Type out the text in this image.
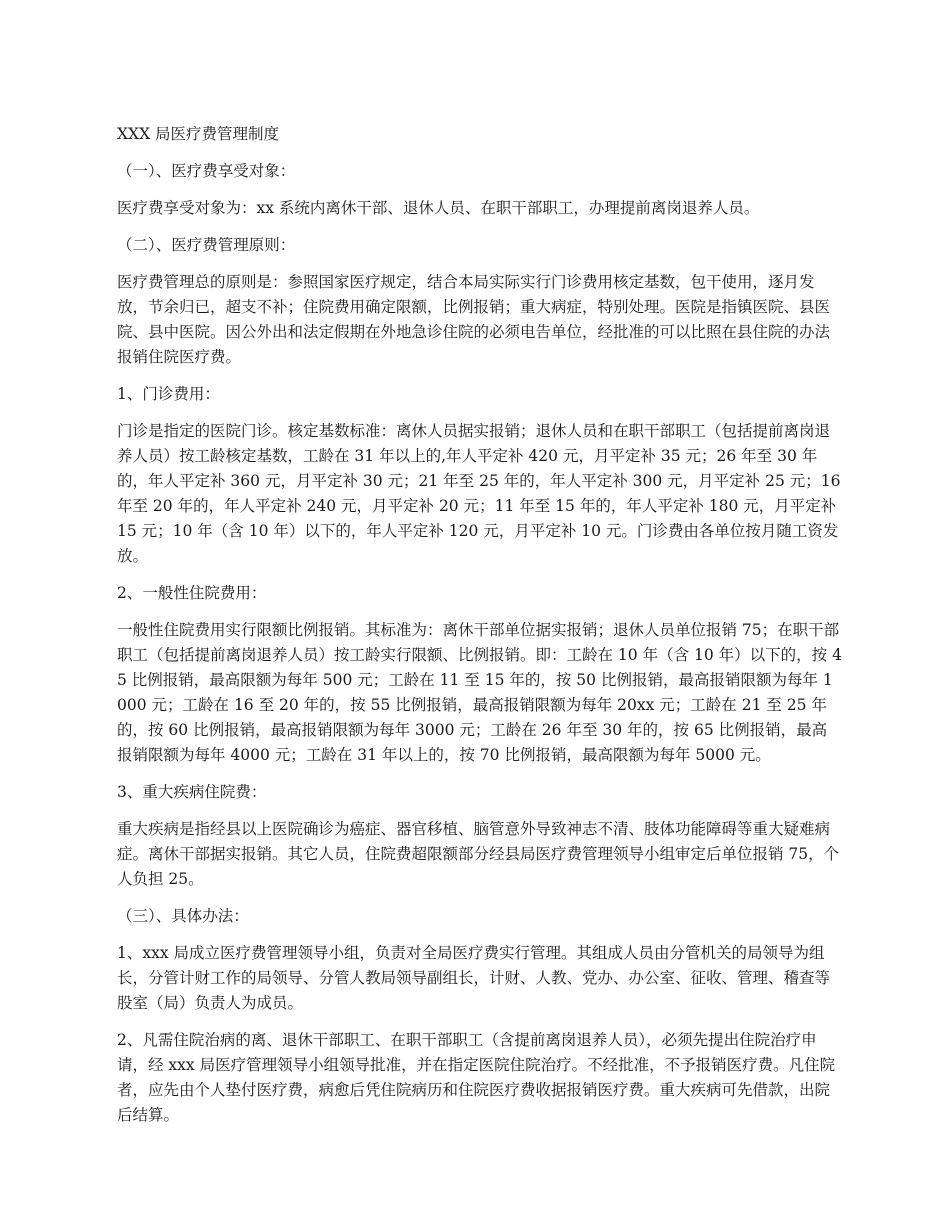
XXX 局医疗费管理制度

（一）、医疗费享受对象：

医疗费享受对象为：xx 系统内离休干部、退休人员、在职干部职工，办理提前离岗退养人员。

（二）、医疗费管理原则：

医疗费管理总的原则是：参照国家医疗规定，结合本局实际实行门诊费用核定基数，包干使用，逐月发放，节余归已，超支不补；住院费用确定限额，比例报销；重大病症，特别处理。医院是指镇医院、县医院、县中医院。因公外出和法定假期在外地急诊住院的必须电告单位，经批准的可以比照在县住院的办法报销住院医疗费。

1、门诊费用：

门诊是指定的医院门诊。核定基数标准：离休人员据实报销；退休人员和在职干部职工（包括提前离岗退养人员）按工龄核定基数，工龄在 31 年以上的,年人平定补 420 元，月平定补 35 元；26 年至 30 年的，年人平定补 360 元，月平定补 30 元；21 年至 25 年的，年人平定补 300 元，月平定补 25 元；16 年至 20 年的，年人平定补 240 元，月平定补 20 元；11 年至 15 年的，年人平定补 180 元，月平定补 15 元；10 年（含 10 年）以下的，年人平定补 120 元，月平定补 10 元。门诊费由各单位按月随工资发放。

2、一般性住院费用：

一般性住院费用实行限额比例报销。其标准为：离休干部单位据实报销；退休人员单位报销 75；在职干部职工（包括提前离岗退养人员）按工龄实行限额、比例报销。即：工龄在 10 年（含 10 年）以下的，按 45 比例报销，最高限额为每年 500 元；工龄在 11 至 15 年的，按 50 比例报销，最高报销限额为每年 1000 元；工龄在 16 至 20 年的，按 55 比例报销，最高报销限额为每年 20xx 元；工龄在 21 至 25 年的，按 60 比例报销，最高报销限额为每年 3000 元；工龄在 26 年至 30 年的，按 65 比例报销，最高报销限额为每年 4000 元；工龄在 31 年以上的，按 70 比例报销，最高限额为每年 5000 元。

3、重大疾病住院费：

重大疾病是指经县以上医院确诊为癌症、器官移植、脑管意外导致神志不清、肢体功能障碍等重大疑难病症。离休干部据实报销。其它人员，住院费超限额部分经县局医疗费管理领导小组审定后单位报销 75，个人负担 25。

（三）、具体办法：

1、xxx 局成立医疗费管理领导小组，负责对全局医疗费实行管理。其组成人员由分管机关的局领导为组长，分管计财工作的局领导、分管人教局领导副组长，计财、人教、党办、办公室、征收、管理、稽查等股室（局）负责人为成员。

2、凡需住院治病的离、退休干部职工、在职干部职工（含提前离岗退养人员），必须先提出住院治疗申请，经 xxx 局医疗管理领导小组领导批准，并在指定医院住院治疗。不经批准，不予报销医疗费。凡住院者，应先由个人垫付医疗费，病愈后凭住院病历和住院医疗费收据报销医疗费。重大疾病可先借款，出院后结算。
